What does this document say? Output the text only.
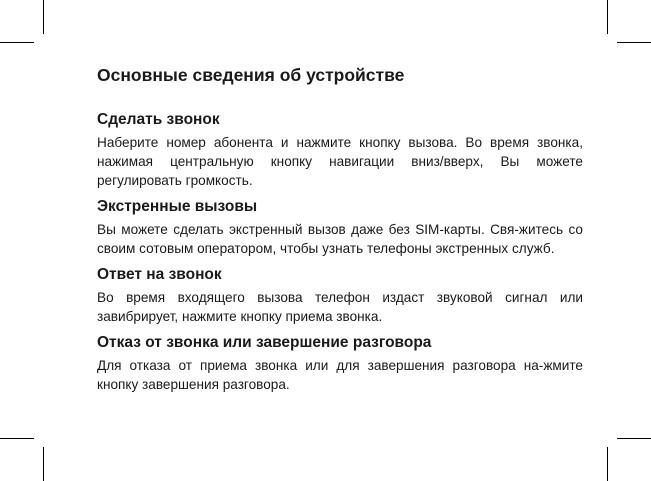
Основные сведения об устройстве
Сделать звонок

Наберите номер абонента и нажмите кнопку вызова. Во время звонка, нажимая центральную кнопку навигации вниз/вверх, Вы можете регулировать громкость.

Экстренные вызовы

Вы можете сделать экстренный вызов даже без SIM-карты. Свя-житесь со своим сотовым оператором, чтобы узнать телефоны экстренных служб.

Ответ на звонок

Во время входящего вызова телефон издаст звуковой сигнал или завибрирует, нажмите кнопку приема звонка.

Отказ от звонка или завершение разговора

Для отказа от приема звонка или для завершения разговора на-жмите кнопку завершения разговора.
